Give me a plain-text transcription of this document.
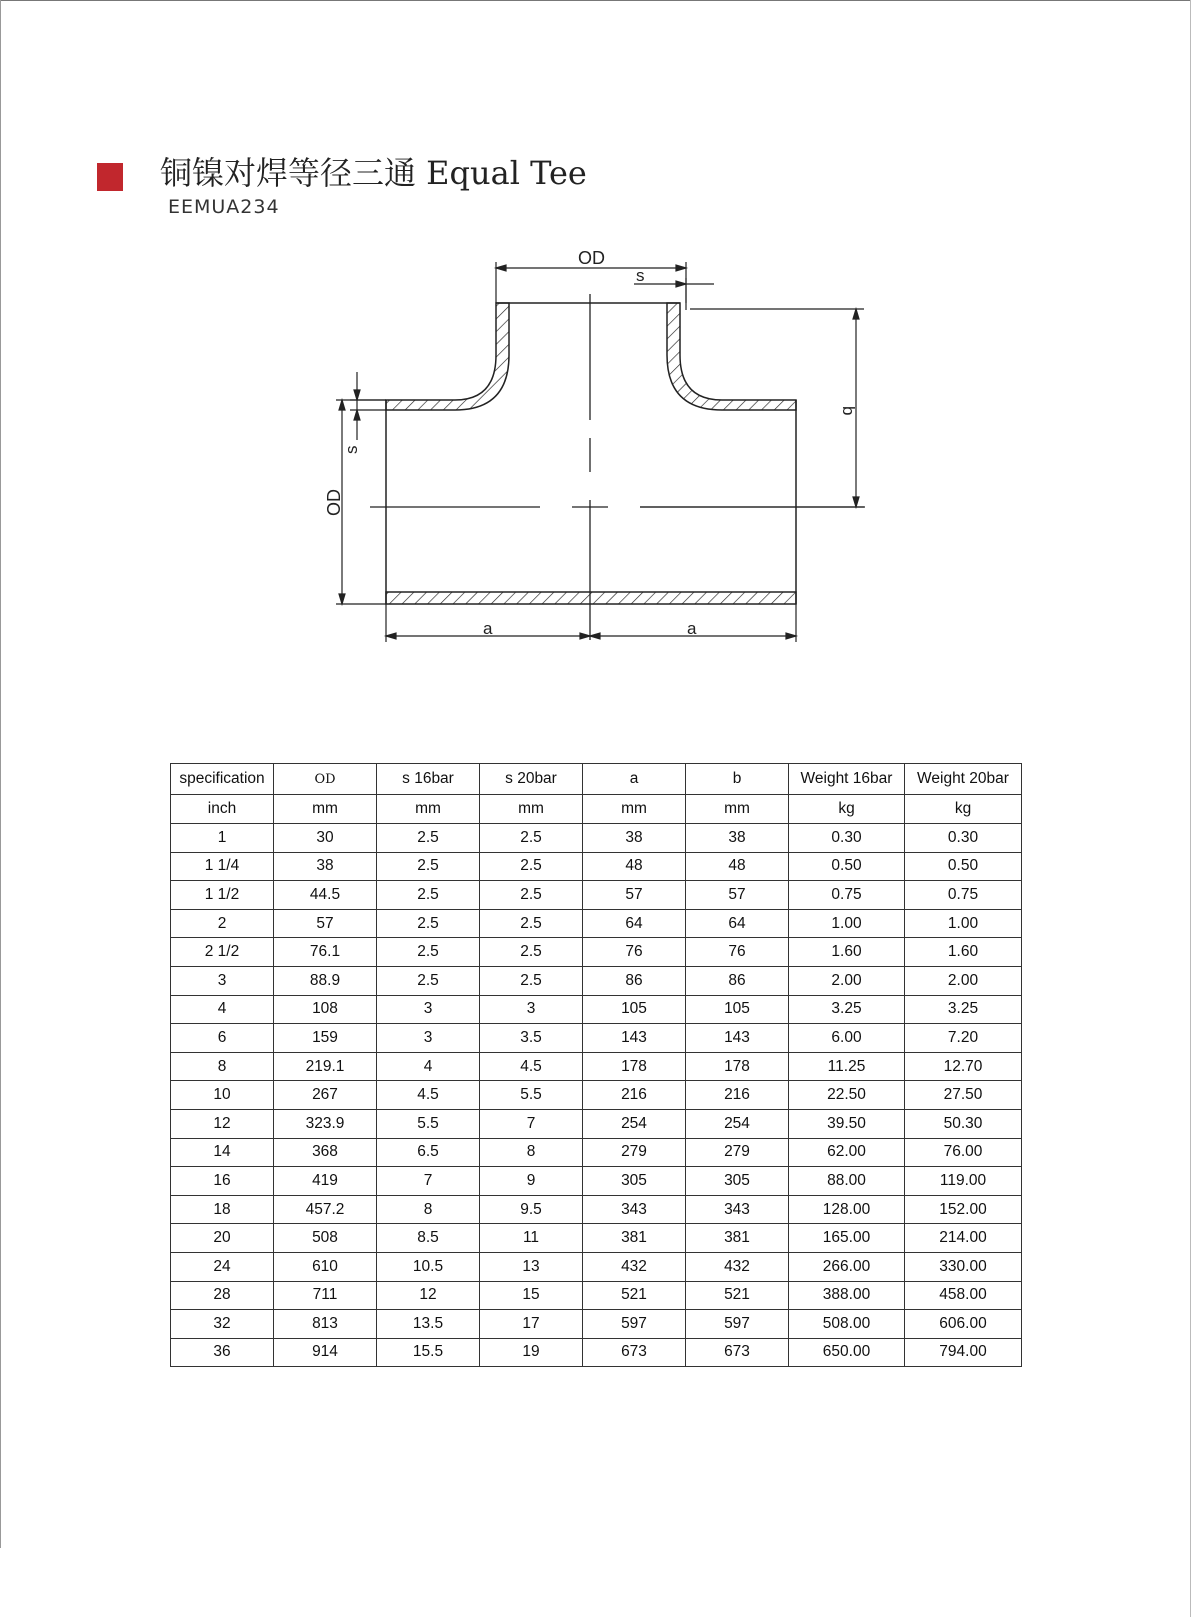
铜镍对焊等径三通 Equal Tee
EEMUA234
OD
s
b
s
OD
a	a
specification	OD	s 16bar	s 20bar	a	b	Weight 16bar	Weight 20bar
inch	mm	mm	mm	mm	mm	kg	kg
1	30	2.5	2.5	38	38	0.30	0.30
1 1/4	38	2.5	2.5	48	48	0.50	0.50
1 1/2	44.5	2.5	2.5	57	57	0.75	0.75
2	57	2.5	2.5	64	64	1.00	1.00
2 1/2	76.1	2.5	2.5	76	76	1.60	1.60
3	88.9	2.5	2.5	86	86	2.00	2.00
4	108	3	3	105	105	3.25	3.25
6	159	3	3.5	143	143	6.00	7.20
8	219.1	4	4.5	178	178	11.25	12.70
10	267	4.5	5.5	216	216	22.50	27.50
12	323.9	5.5	7	254	254	39.50	50.30
14	368	6.5	8	279	279	62.00	76.00
16	419	7	9	305	305	88.00	119.00
18	457.2	8	9.5	343	343	128.00	152.00
20	508	8.5	11	381	381	165.00	214.00
24	610	10.5	13	432	432	266.00	330.00
28	711	12	15	521	521	388.00	458.00
32	813	13.5	17	597	597	508.00	606.00
36	914	15.5	19	673	673	650.00	794.00
